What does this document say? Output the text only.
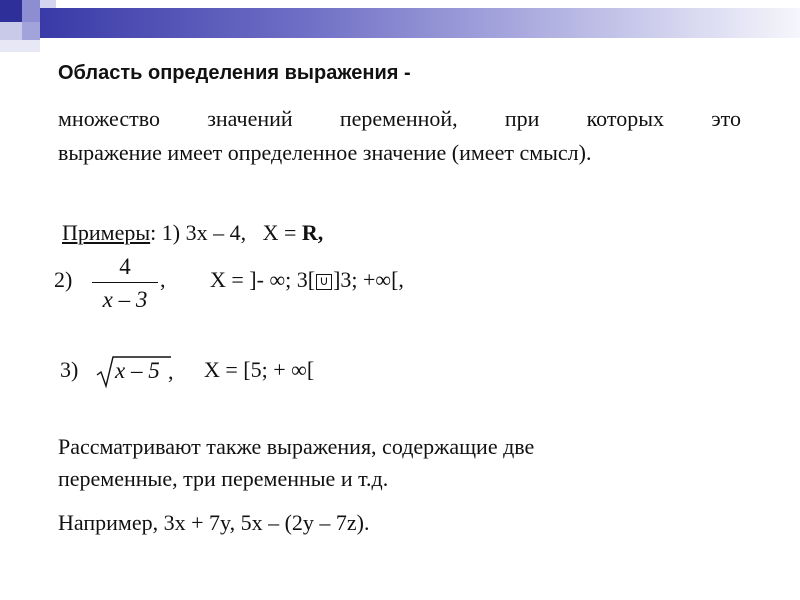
Область определения выражения -
множество значений переменной, при которых это
выражение имеет определенное значение (имеет смысл).
Примеры: 1) 3x – 4, X = R,
2)
4
x – 3
, X = ]- ∞; 3[ ∪ ]3; +∞[,
3) x – 5 , X = [5; + ∞[
Рассматривают также выражения, содержащие две
переменные, три переменные и т.д.
Например, 3x + 7y, 5x – (2y – 7z).
